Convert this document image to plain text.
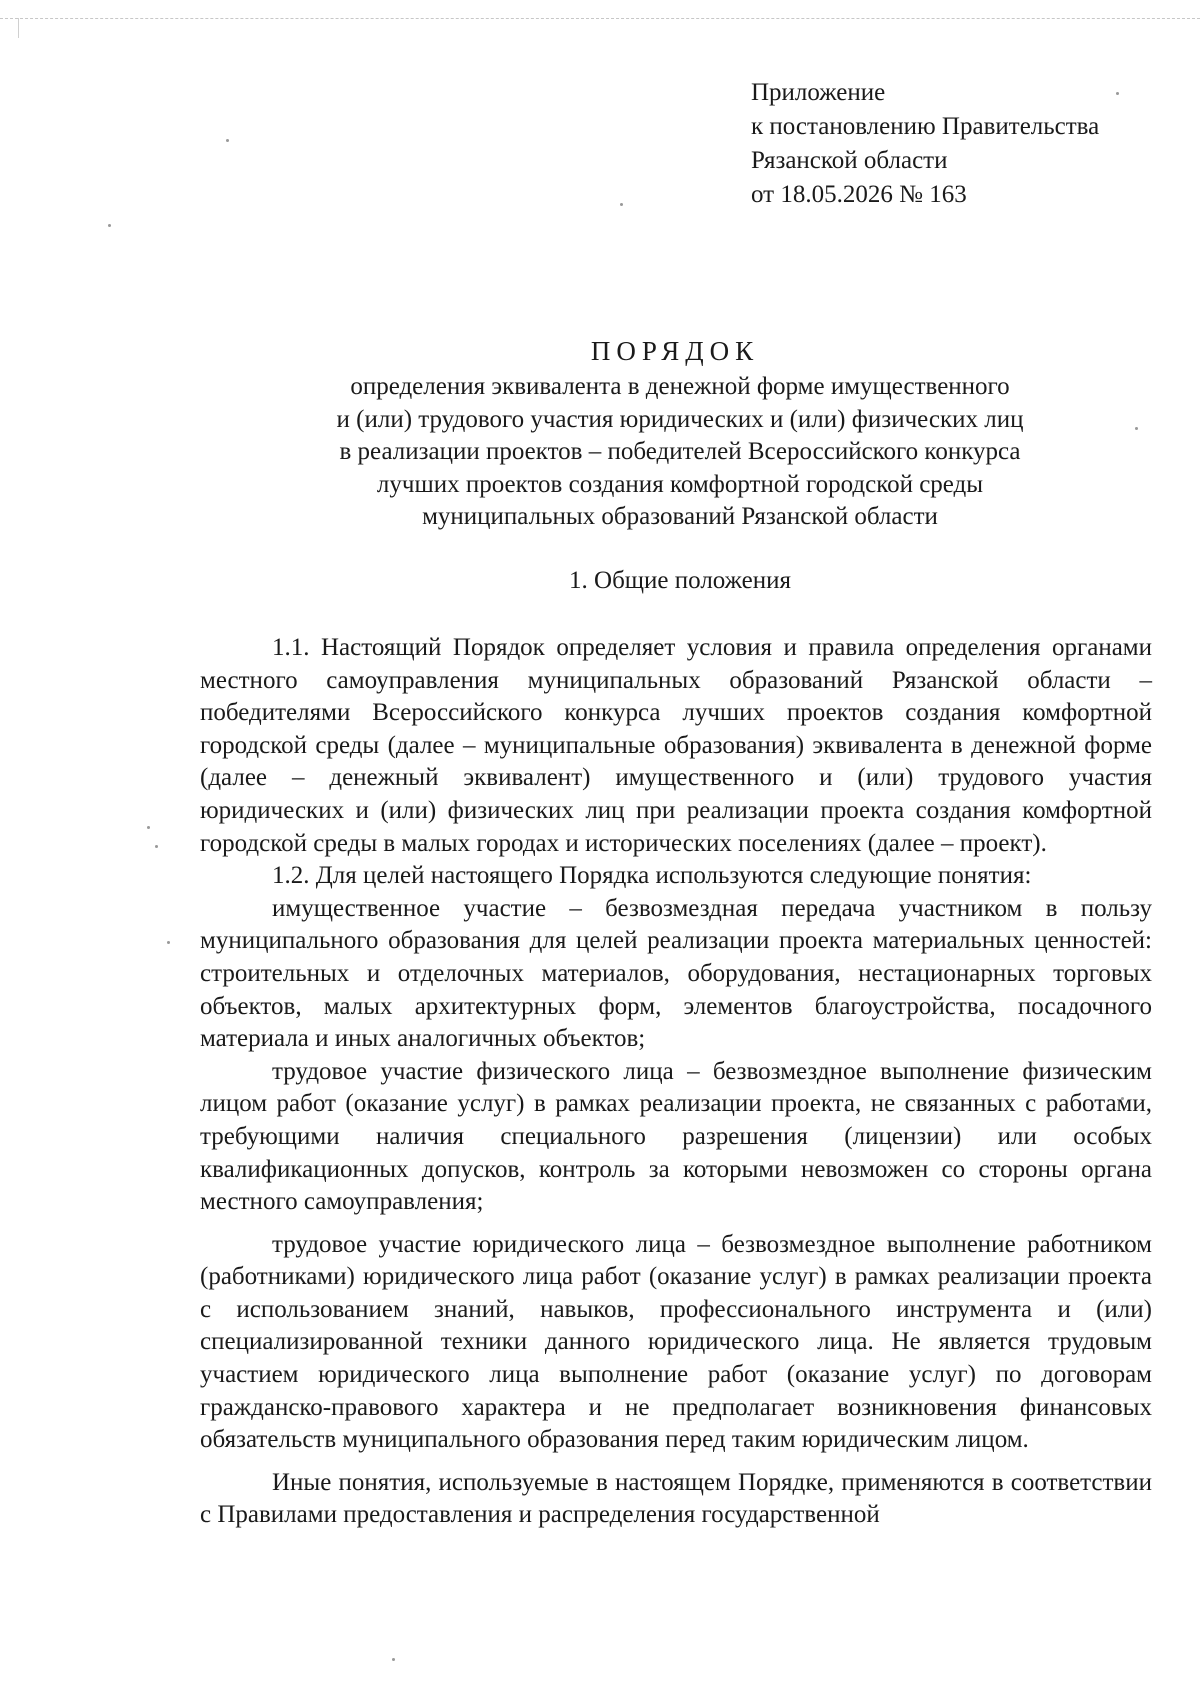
Приложение
к постановлению Правительства
Рязанской области
от 18.05.2026 № 163
ПОРЯДОК
определения эквивалента в денежной форме имущественного
и (или) трудового участия юридических и (или) физических лиц
в реализации проектов – победителей Всероссийского конкурса
лучших проектов создания комфортной городской среды
муниципальных образований Рязанской области
1. Общие положения

1.1. Настоящий Порядок определяет условия и правила определения органами местного самоуправления муниципальных образований Рязанской области – победителями Всероссийского конкурса лучших проектов создания комфортной городской среды (далее – муниципальные образования) эквивалента в денежной форме (далее – денежный эквивалент) имущественного и (или) трудового участия юридических и (или) физических лиц при реализации проекта создания комфортной городской среды в малых городах и исторических поселениях (далее – проект).

1.2. Для целей настоящего Порядка используются следующие понятия:

имущественное участие – безвозмездная передача участником в пользу муниципального образования для целей реализации проекта материальных ценностей: строительных и отделочных материалов, оборудования, нестационарных торговых объектов, малых архитектурных форм, элементов благоустройства, посадочного материала и иных аналогичных объектов;

трудовое участие физического лица – безвозмездное выполнение физическим лицом работ (оказание услуг) в рамках реализации проекта, не связанных с работами, требующими наличия специального разрешения (лицензии) или особых квалификационных допусков, контроль за которыми невозможен со стороны органа местного самоуправления;

трудовое участие юридического лица – безвозмездное выполнение работником (работниками) юридического лица работ (оказание услуг) в рамках реализации проекта с использованием знаний, навыков, профессионального инструмента и (или) специализированной техники данного юридического лица. Не является трудовым участием юридического лица выполнение работ (оказание услуг) по договорам гражданско-правового характера и не предполагает возникновения финансовых обязательств муниципального образования перед таким юридическим лицом.

Иные понятия, используемые в настоящем Порядке, применяются в соответствии с Правилами предоставления и распределения государственной
